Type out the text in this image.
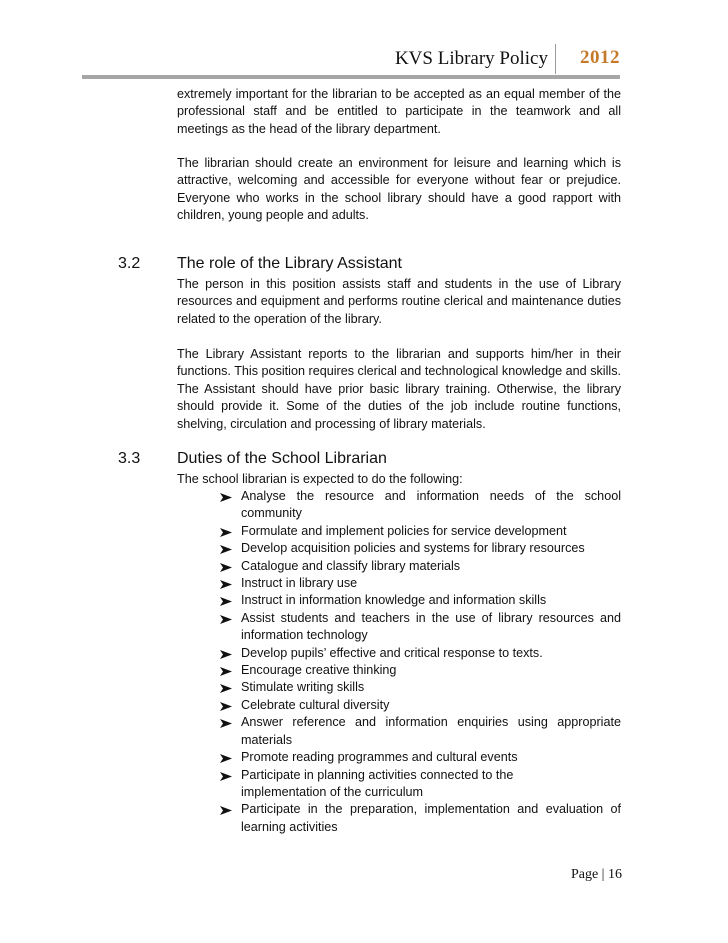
KVS Library Policy 2012

extremely important for the librarian to be accepted as an equal member of the professional staff and be entitled to participate in the teamwork and all meetings as the head of the library department.

The librarian should create an environment for leisure and learning which is attractive, welcoming and accessible for everyone without fear or prejudice. Everyone who works in the school library should have a good rapport with children, young people and adults.

3.2 The role of the Library Assistant

The person in this position assists staff and students in the use of Library resources and equipment and performs routine clerical and maintenance duties related to the operation of the library.

The Library Assistant reports to the librarian and supports him/her in their functions. This position requires clerical and technological knowledge and skills. The Assistant should have prior basic library training. Otherwise, the library should provide it. Some of the duties of the job include routine functions, shelving, circulation and processing of library materials.

3.3 Duties of the School Librarian

The school librarian is expected to do the following:

Analyse the resource and information needs of the school community
Formulate and implement policies for service development
Develop acquisition policies and systems for library resources
Catalogue and classify library materials
Instruct in library use
Instruct in information knowledge and information skills
Assist students and teachers in the use of library resources and information technology
Develop pupils’ effective and critical response to texts.
Encourage creative thinking
Stimulate writing skills
Celebrate cultural diversity
Answer reference and information enquiries using appropriate materials
Promote reading programmes and cultural events
Participate in planning activities connected to the implementation of the curriculum
Participate in the preparation, implementation and evaluation of learning activities
Page | 16
